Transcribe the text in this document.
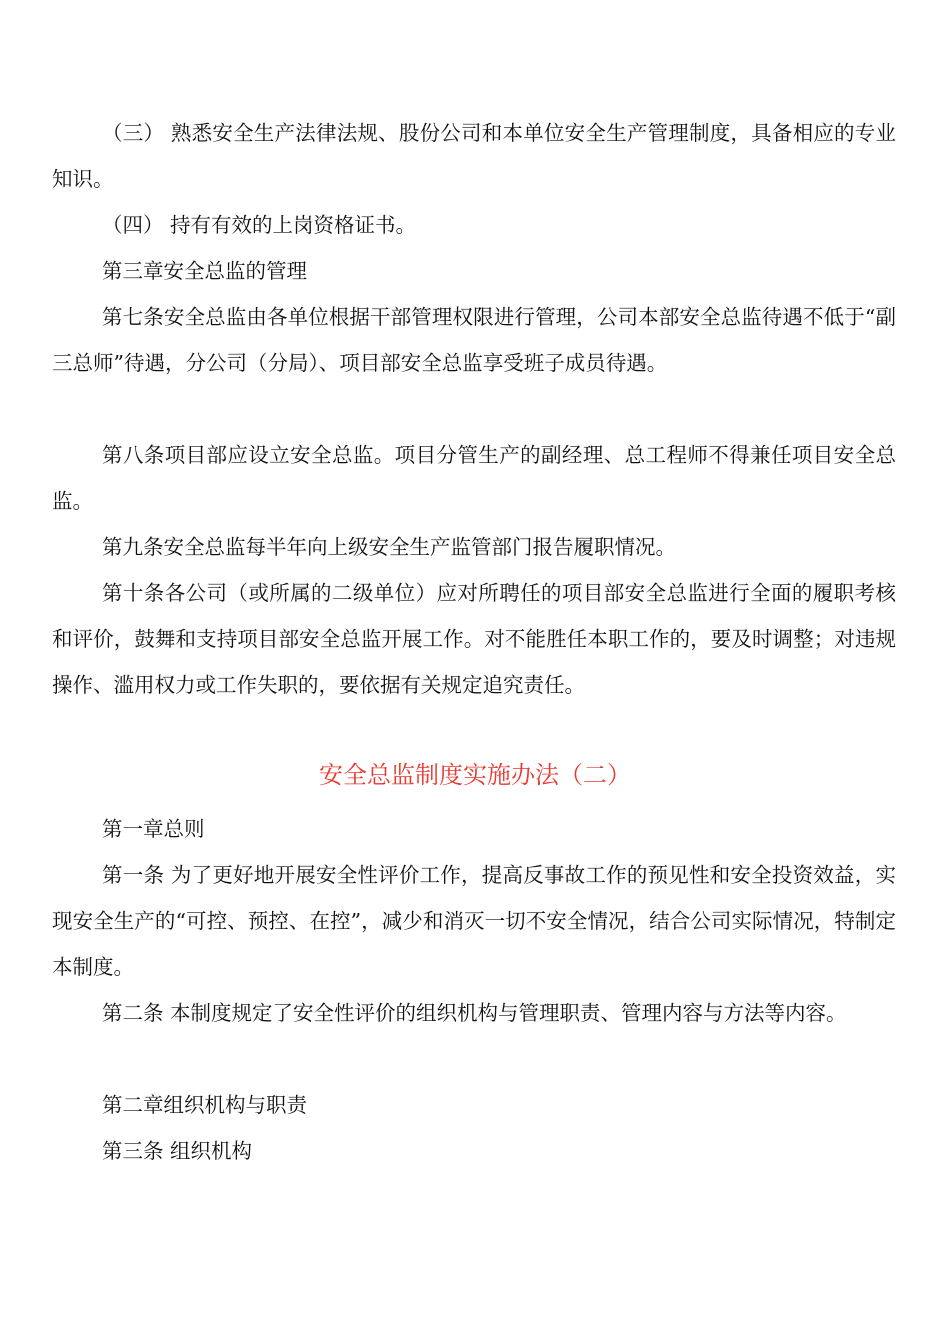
（三） 熟悉安全生产法律法规、股份公司和本单位安全生产管理制度，具备相应的专业知识。

（四） 持有有效的上岗资格证书。

第三章安全总监的管理

第七条安全总监由各单位根据干部管理权限进行管理，公司本部安全总监待遇不低于“副三总师”待遇，分公司（分局）、项目部安全总监享受班子成员待遇。

第八条项目部应设立安全总监。项目分管生产的副经理、总工程师不得兼任项目安全总监。

第九条安全总监每半年向上级安全生产监管部门报告履职情况。

第十条各公司（或所属的二级单位）应对所聘任的项目部安全总监进行全面的履职考核和评价，鼓舞和支持项目部安全总监开展工作。对不能胜任本职工作的，要及时调整；对违规操作、滥用权力或工作失职的，要依据有关规定追究责任。

安全总监制度实施办法（二）

第一章总则

第一条 为了更好地开展安全性评价工作，提高反事故工作的预见性和安全投资效益，实现安全生产的“可控、预控、在控”，减少和消灭一切不安全情况，结合公司实际情况，特制定本制度。

第二条 本制度规定了安全性评价的组织机构与管理职责、管理内容与方法等内容。

第二章组织机构与职责

第三条 组织机构
